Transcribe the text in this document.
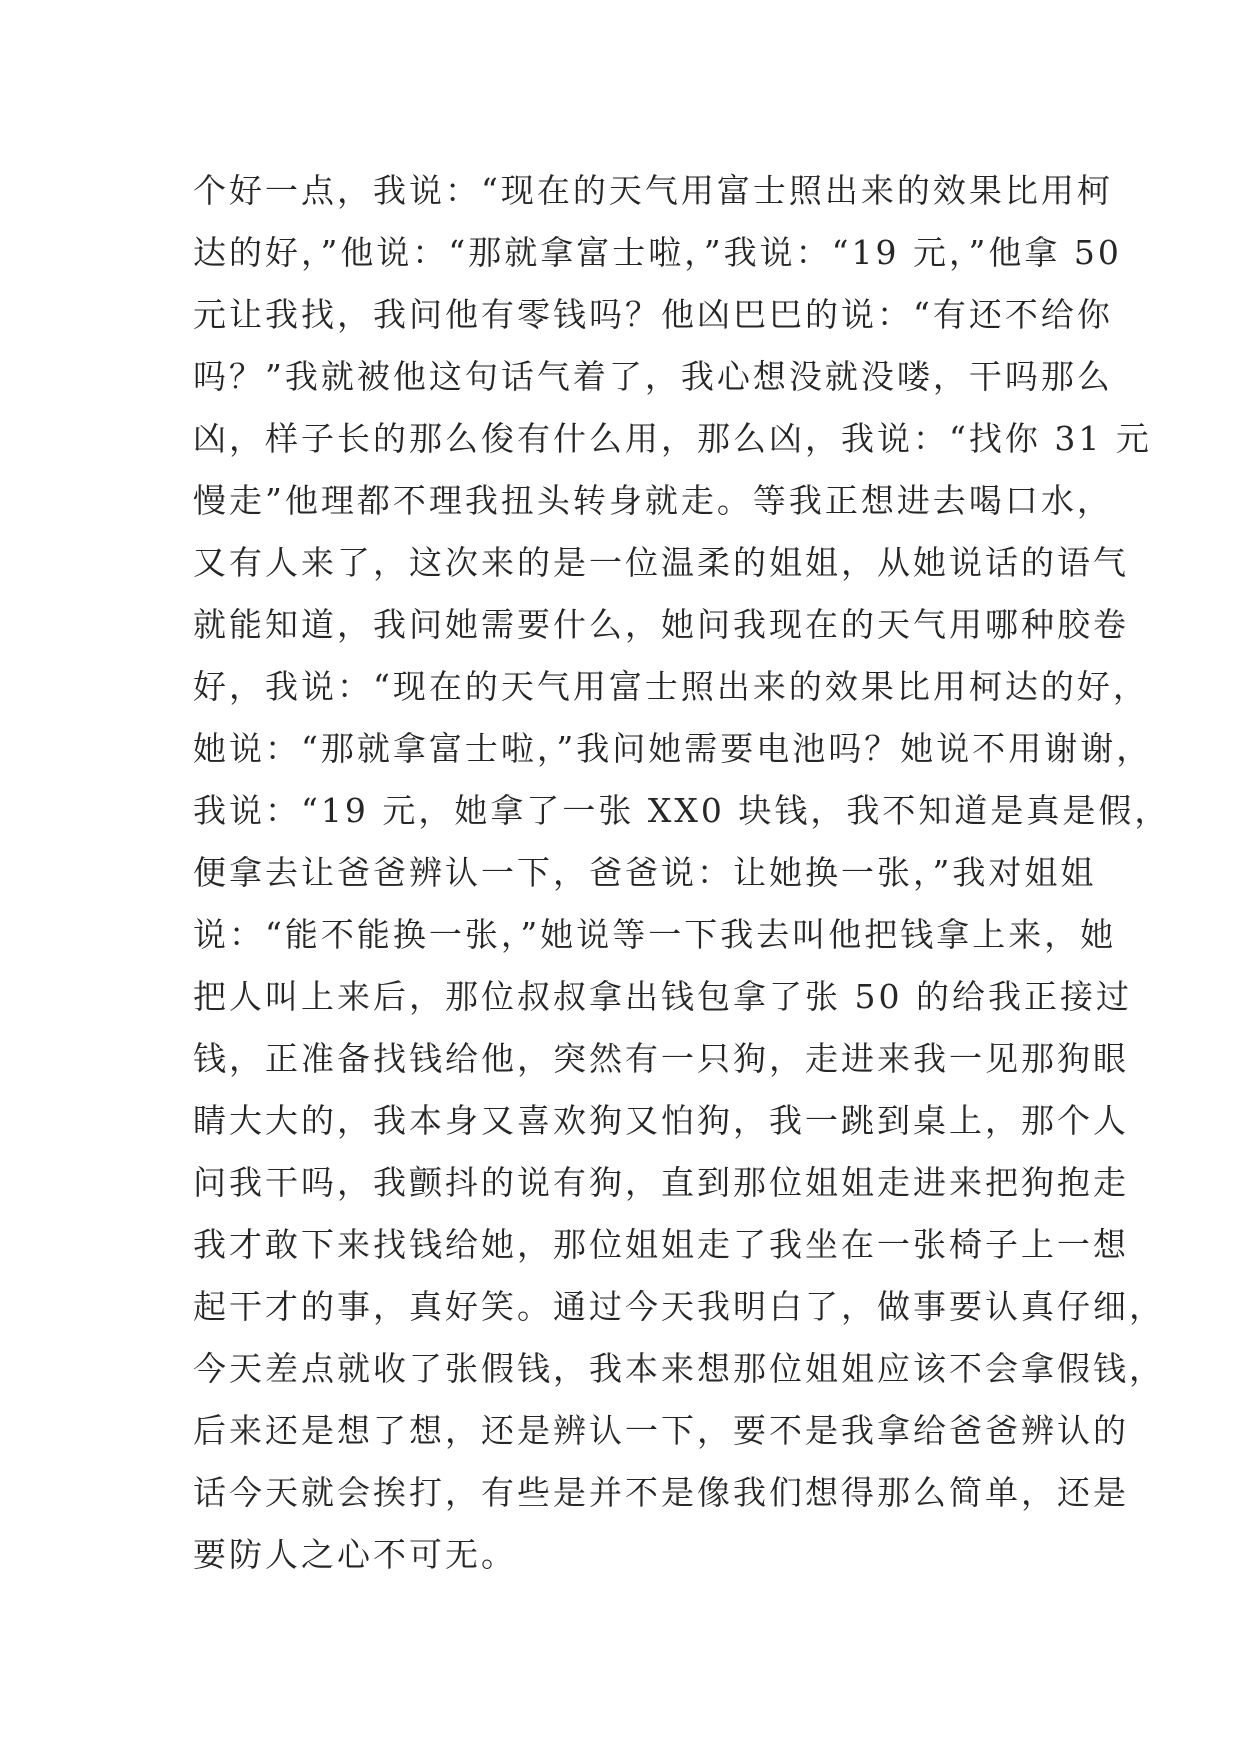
个好一点，我说：“现在的天气用富士照出来的效果比用柯
达的好，”他说：“那就拿富士啦，”我说：“19 元，”他拿 50
元让我找，我问他有零钱吗？他凶巴巴的说：“有还不给你
吗？”我就被他这句话气着了，我心想没就没喽，干吗那么
凶，样子长的那么俊有什么用，那么凶，我说：“找你 31 元
慢走”他理都不理我扭头转身就走。等我正想进去喝口水，
又有人来了，这次来的是一位温柔的姐姐，从她说话的语气
就能知道，我问她需要什么，她问我现在的天气用哪种胶卷
好，我说：“现在的天气用富士照出来的效果比用柯达的好，
她说：“那就拿富士啦，”我问她需要电池吗？她说不用谢谢，
我说：“19 元，她拿了一张 XX0 块钱，我不知道是真是假，
便拿去让爸爸辨认一下，爸爸说：让她换一张，”我对姐姐
说：“能不能换一张，”她说等一下我去叫他把钱拿上来，她
把人叫上来后，那位叔叔拿出钱包拿了张 50 的给我正接过
钱，正准备找钱给他，突然有一只狗，走进来我一见那狗眼
睛大大的，我本身又喜欢狗又怕狗，我一跳到桌上，那个人
问我干吗，我颤抖的说有狗，直到那位姐姐走进来把狗抱走
我才敢下来找钱给她，那位姐姐走了我坐在一张椅子上一想
起干才的事，真好笑。通过今天我明白了，做事要认真仔细，
今天差点就收了张假钱，我本来想那位姐姐应该不会拿假钱，
后来还是想了想，还是辨认一下，要不是我拿给爸爸辨认的
话今天就会挨打，有些是并不是像我们想得那么简单，还是
要防人之心不可无。
